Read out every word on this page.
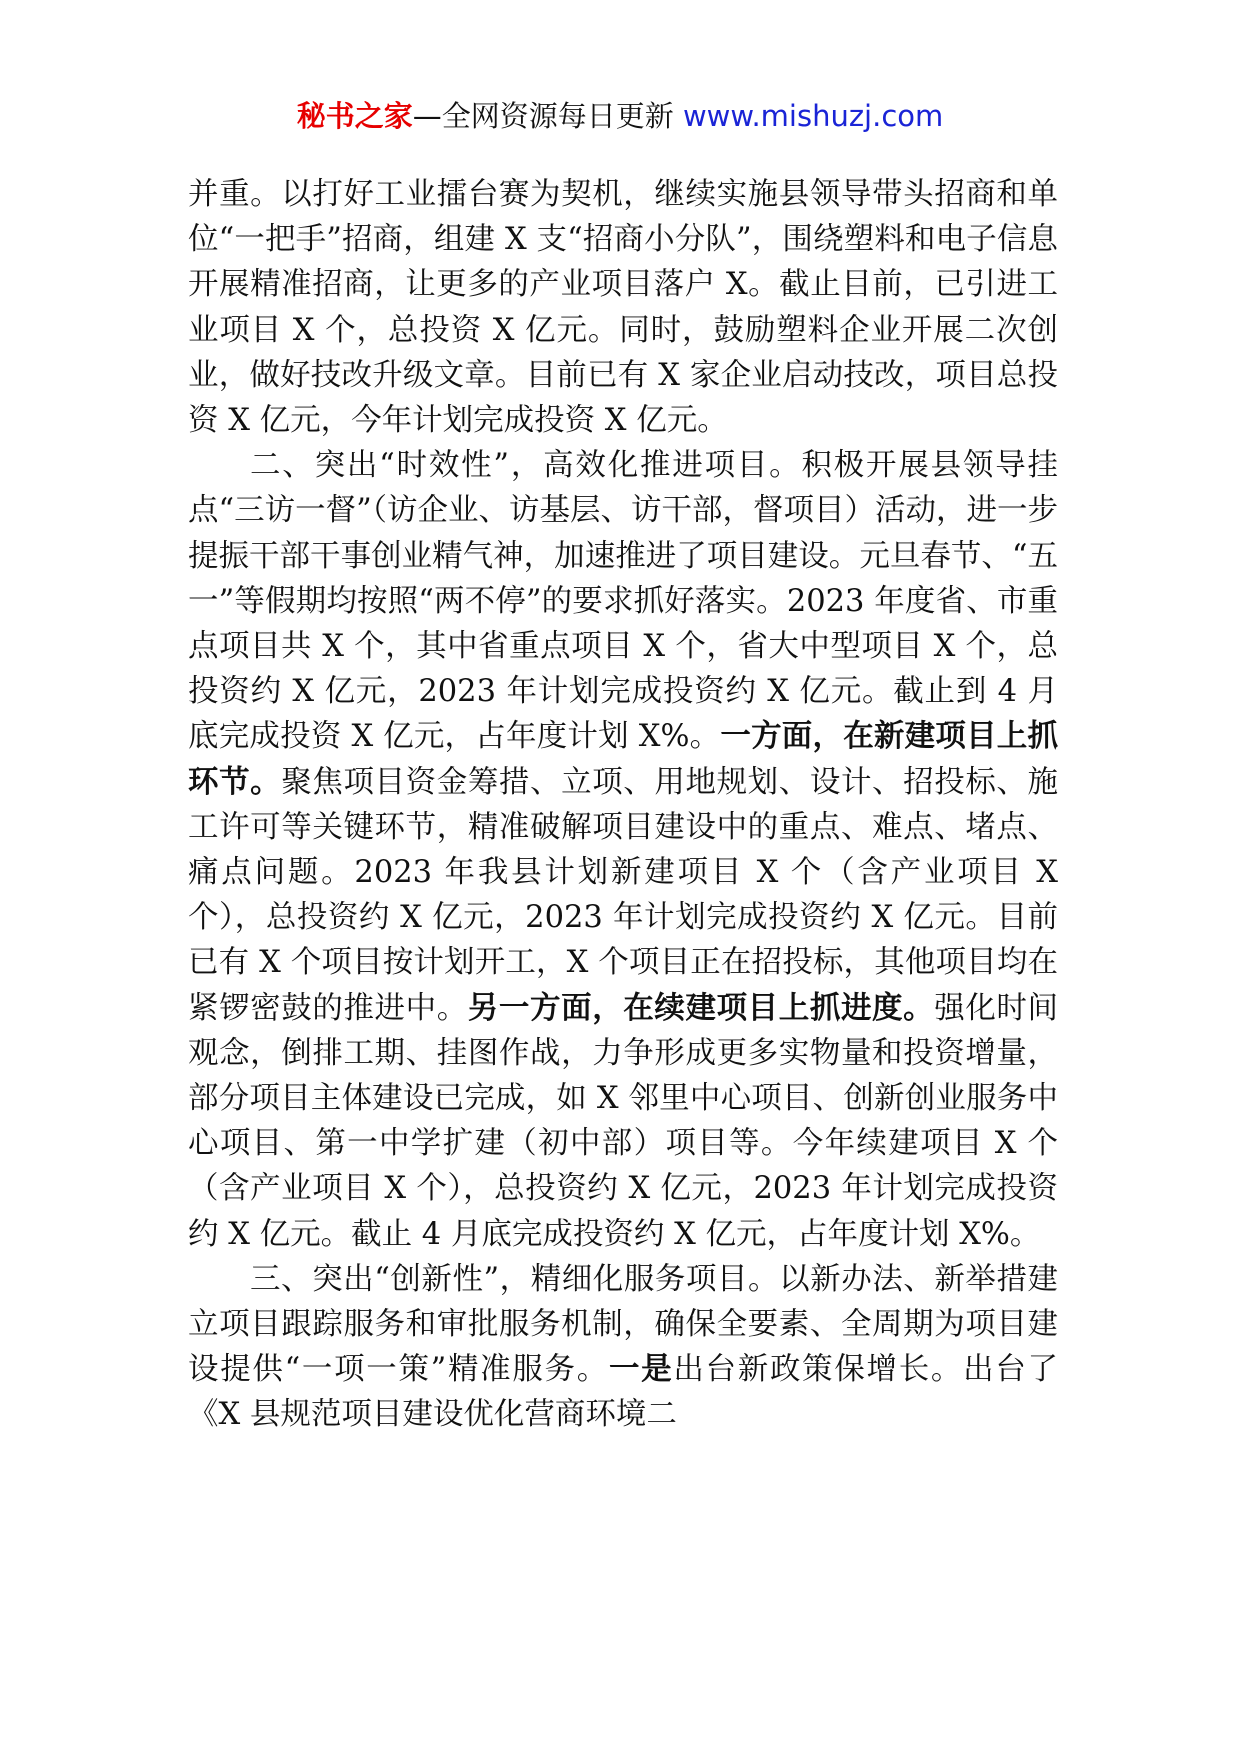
秘书之家—全网资源每日更新 www.mishuzj.com

并重。以打好工业擂台赛为契机，继续实施县领导带头招商和单位“一把手”招商，组建 X 支“招商小分队”，围绕塑料和电子信息开展精准招商，让更多的产业项目落户 X。截止目前，已引进工业项目 X 个，总投资 X 亿元。同时，鼓励塑料企业开展二次创业，做好技改升级文章。目前已有 X 家企业启动技改，项目总投资 X 亿元，今年计划完成投资 X 亿元。

二、突出“时效性”，高效化推进项目。积极开展县领导挂点“三访一督”（访企业、访基层、访干部，督项目）活动，进一步提振干部干事创业精气神，加速推进了项目建设。元旦春节、“五一”等假期均按照“两不停”的要求抓好落实。2023 年度省、市重点项目共 X 个，其中省重点项目 X 个，省大中型项目 X 个，总投资约 X 亿元，2023 年计划完成投资约 X 亿元。截止到 4 月底完成投资 X 亿元，占年度计划 X%。一方面，在新建项目上抓环节。聚焦项目资金筹措、立项、用地规划、设计、招投标、施工许可等关键环节，精准破解项目建设中的重点、难点、堵点、痛点问题。2023 年我县计划新建项目 X 个（含产业项目 X 个），总投资约 X 亿元，2023 年计划完成投资约 X 亿元。目前已有 X 个项目按计划开工，X 个项目正在招投标，其他项目均在紧锣密鼓的推进中。另一方面，在续建项目上抓进度。强化时间观念，倒排工期、挂图作战，力争形成更多实物量和投资增量，部分项目主体建设已完成，如 X 邻里中心项目、创新创业服务中心项目、第一中学扩建（初中部）项目等。今年续建项目 X 个（含产业项目 X 个），总投资约 X 亿元，2023 年计划完成投资约 X 亿元。截止 4 月底完成投资约 X 亿元，占年度计划 X%。

三、突出“创新性”，精细化服务项目。以新办法、新举措建立项目跟踪服务和审批服务机制，确保全要素、全周期为项目建设提供“一项一策”精准服务。一是出台新政策保增长。出台了《X 县规范项目建设优化营商环境二
